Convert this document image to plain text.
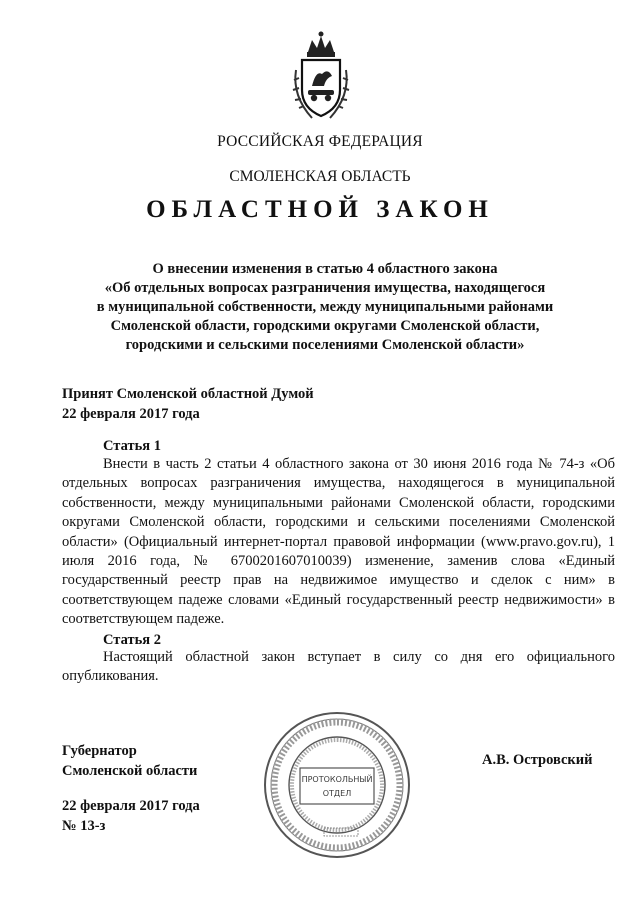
РОССИЙСКАЯ ФЕДЕРАЦИЯ
СМОЛЕНСКАЯ ОБЛАСТЬ
ОБЛАСТНОЙ ЗАКОН
О внесении изменения в статью 4 областного закона
«Об отдельных вопросах разграничения имущества, находящегося
в муниципальной собственности, между муниципальными районами
Смоленской области, городскими округами Смоленской области,
городскими и сельскими поселениями Смоленской области»
Принят Смоленской областной Думой
22 февраля 2017 года
Статья 1
Внести в часть 2 статьи 4 областного закона от 30 июня 2016 года № 74-з «Об отдельных вопросах разграничения имущества, находящегося в муниципальной собственности, между муниципальными районами Смоленской области, городскими округами Смоленской области, городскими и сельскими поселениями Смоленской области» (Официальный интернет-портал правовой информации (www.pravo.gov.ru), 1 июля 2016 года, № 6700201607010039) изменение, заменив слова «Единый государственный реестр прав на недвижимое имущество и сделок с ним» в соответствующем падеже словами «Единый государственный реестр недвижимости» в соответствующем падеже.
Статья 2
Настоящий областной закон вступает в силу со дня его официального опубликования.
Губернатор
Смоленской области
ПРОТОКОЛЬНЫЙ
ОТДЕЛ
А.В. Островский
22 февраля 2017 года
№ 13-з
